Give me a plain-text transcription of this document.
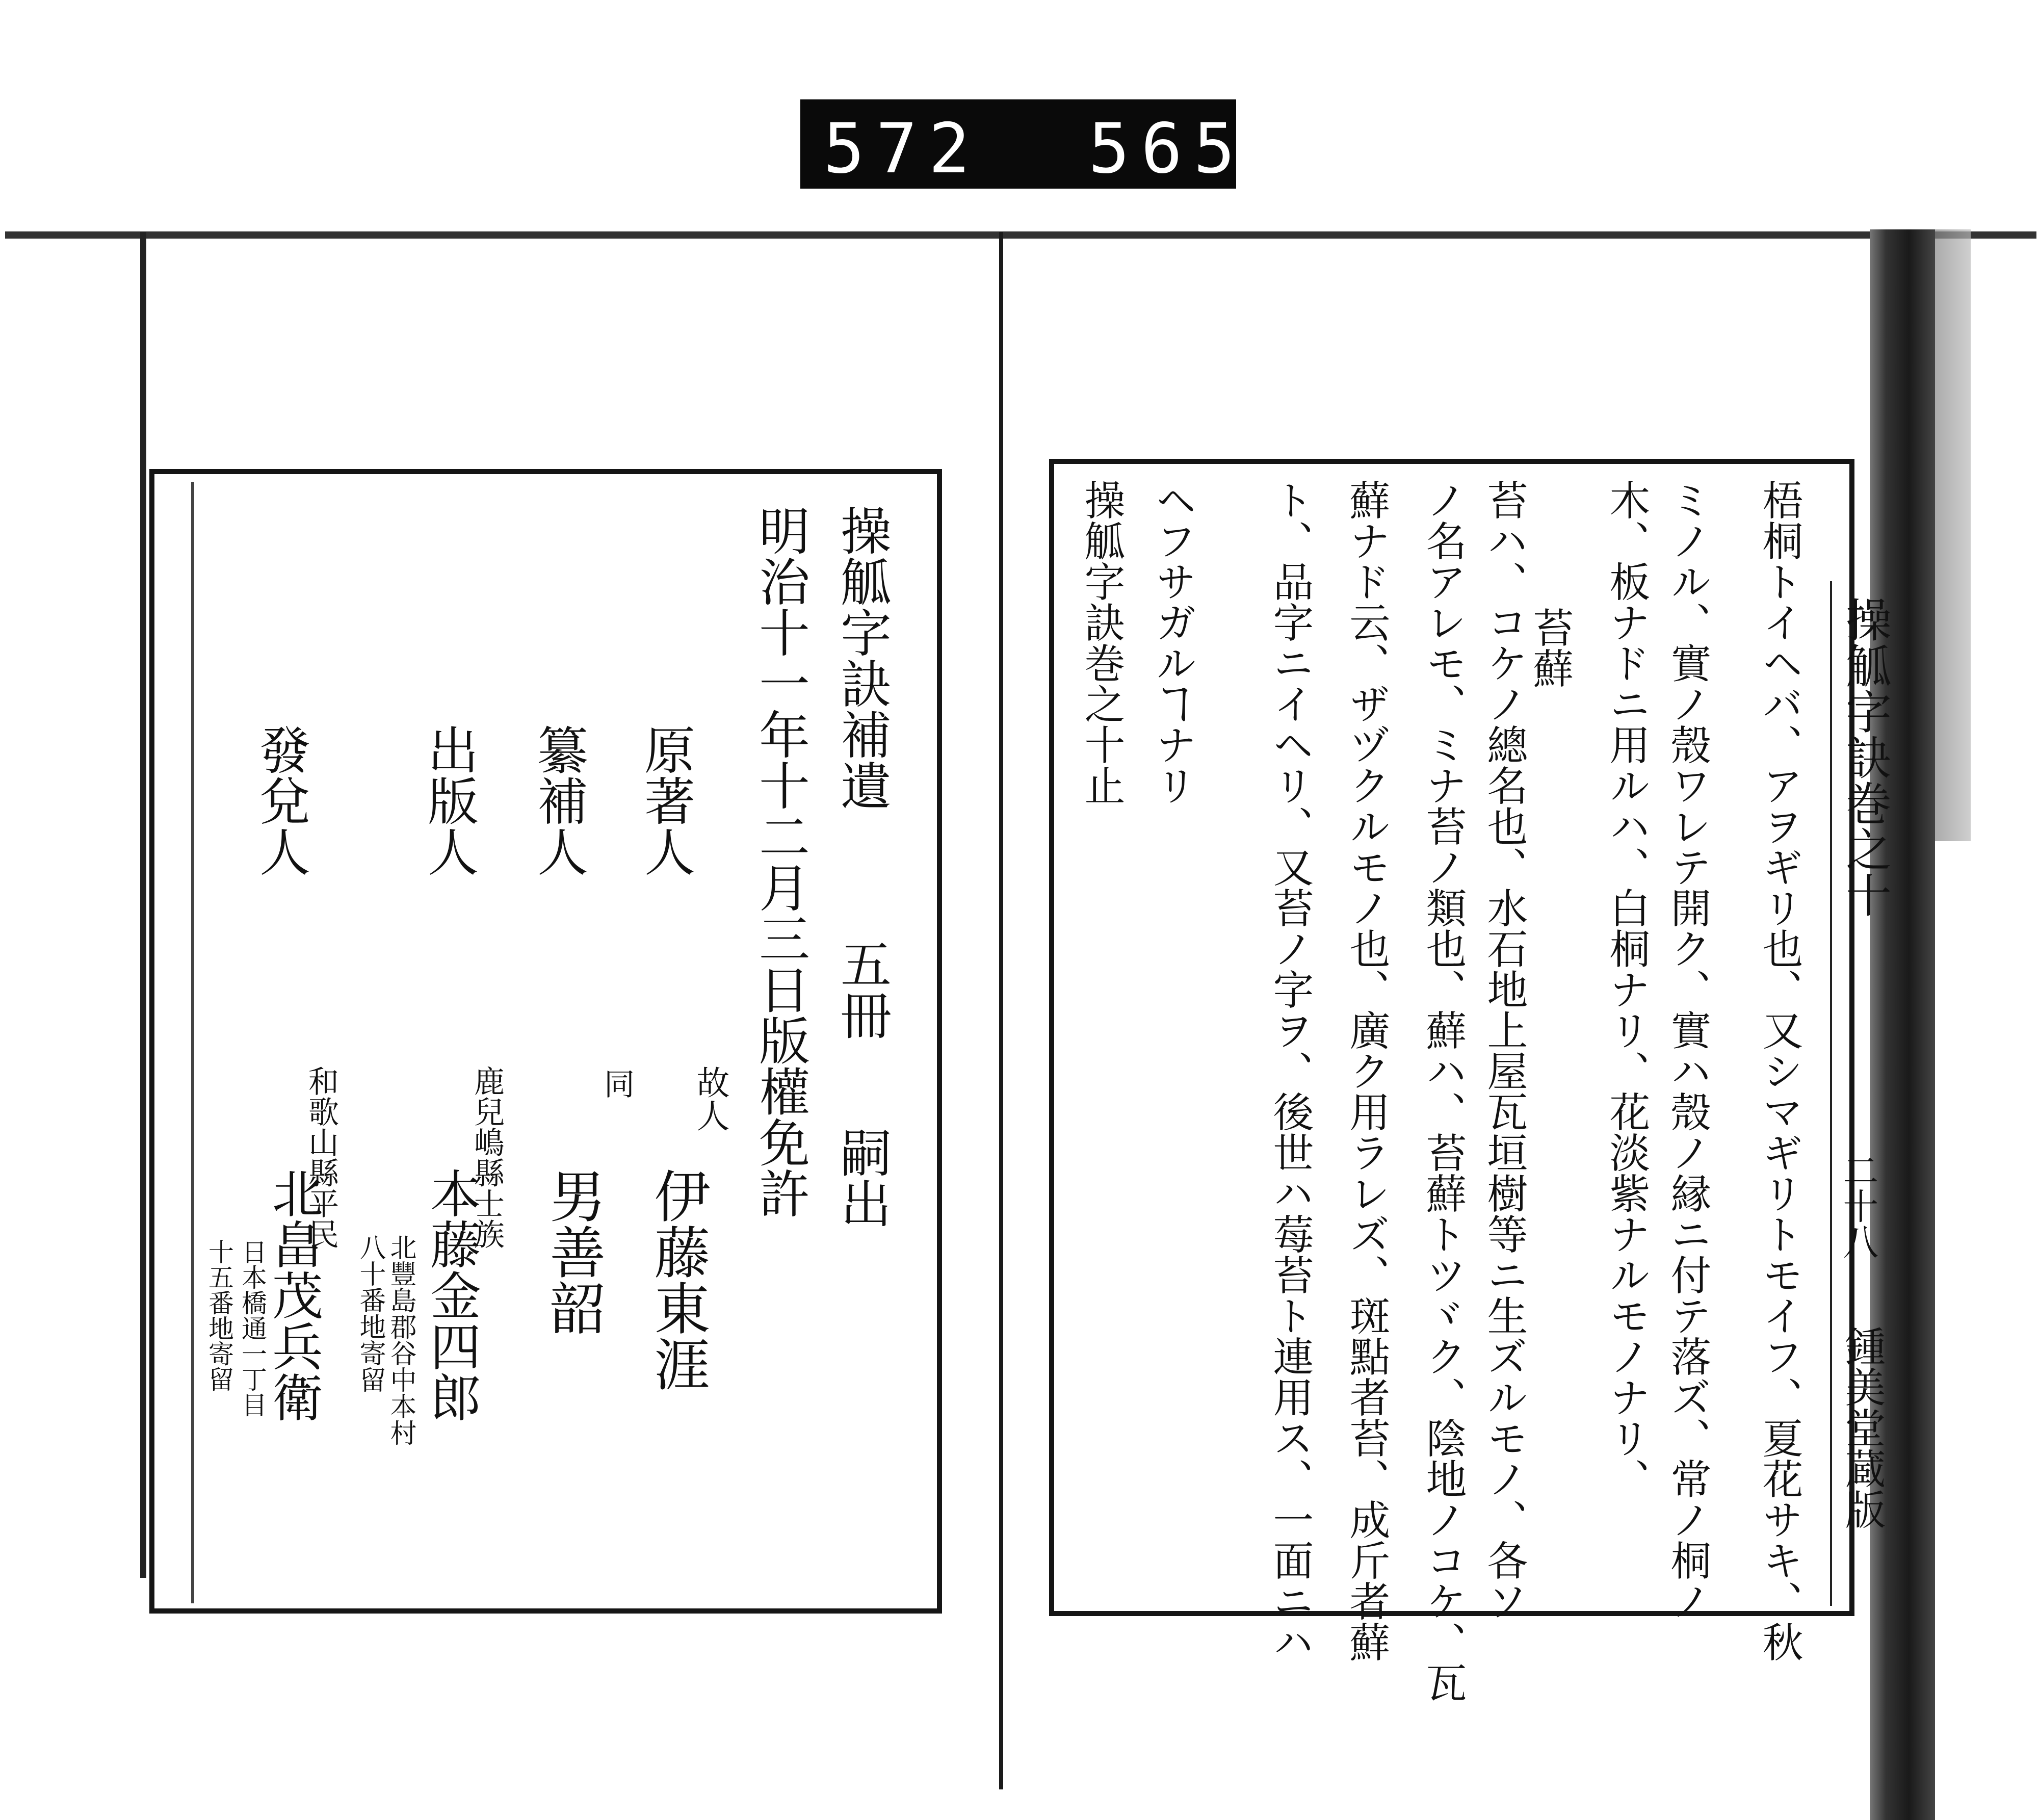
572 565
操觚字訣巻之十
二十八
鍾美堂蔵版
梧桐トイヘバ、アヲギリ也、又シマギリトモイフ、夏花サキ、秋
ミノル、實ノ殼ワレテ開ク、實ハ殼ノ縁ニ付テ落ズ、常ノ桐ノ
木、板ナドニ用ルハ、白桐ナリ、花淡紫ナルモノナリ、
苔蘚
苔ハ、コケノ總名也、水石地上屋瓦垣樹等ニ生ズルモノ、各ソ
ノ名アレモ、ミナ苔ノ類也、蘚ハ、苔蘚トツヾク、陰地ノコケ、瓦
蘚ナド云、ザヅクルモノ也、廣ク用ラレズ、斑點者苔、成斤者蘚
ト、品字ニイヘリ、又苔ノ字ヲ、後世ハ莓苔ト連用ス、一面ニハ
ヘフサガルヿナリ
操觚字訣巻之十止
操觚字訣補遺
五冊
嗣出
明治十一年十二月三日版權免許
原著人
故人
伊藤東涯
纂補人
同
男善韶
出版人
鹿兒嶋縣士族
本藤金四郎
北豐島郡谷中本村
八十番地寄留
發兌人
和歌山縣平民
北畠茂兵衛
日本橋通一丁目
十五番地寄留
